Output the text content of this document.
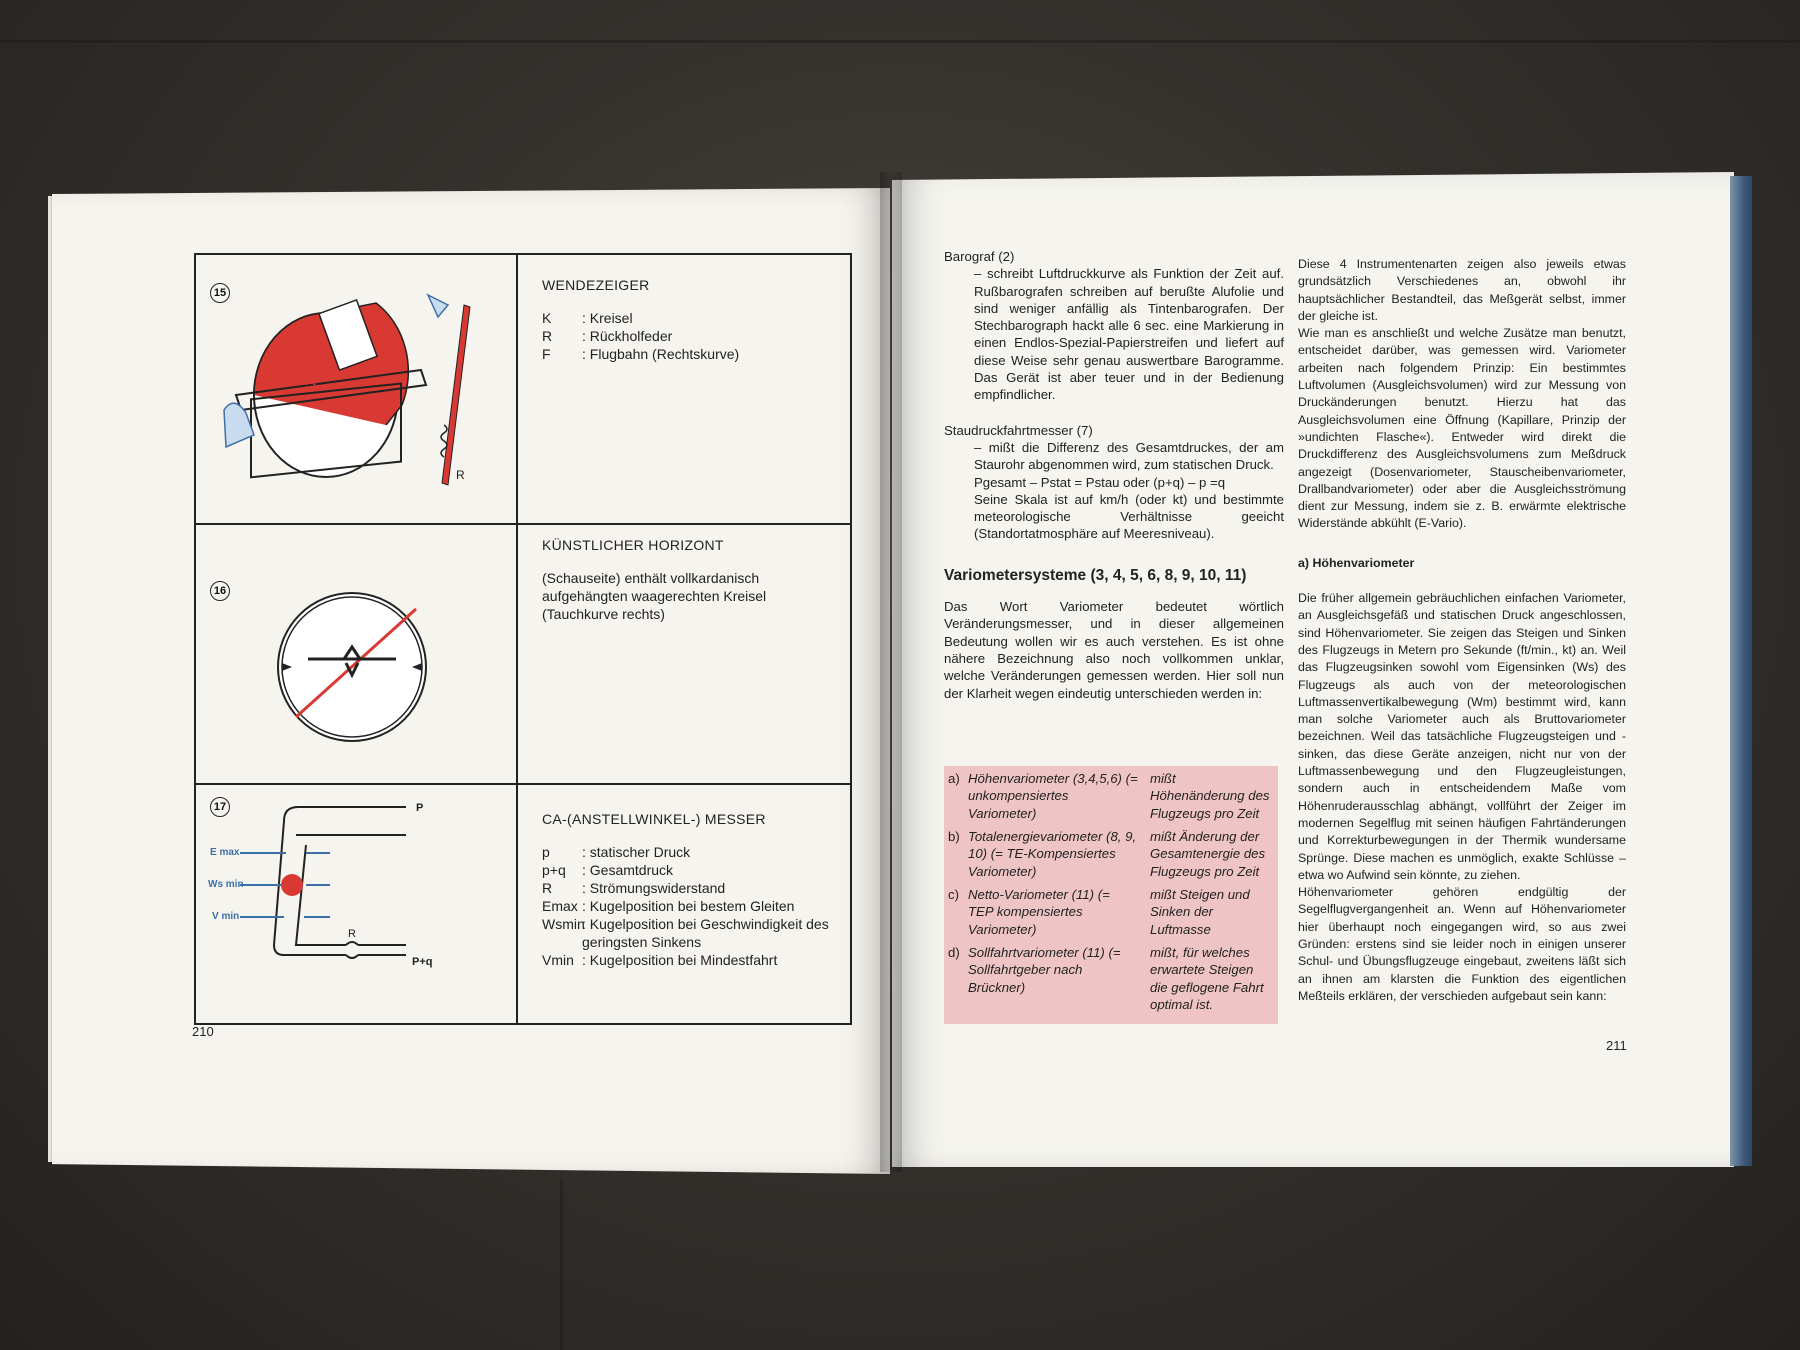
15
K
R
WENDEZEIGER
K : Kreisel
R : Rückholfeder
F : Flugbahn (Rechtskurve)
16
KÜNSTLICHER HORIZONT
(Schauseite) enthält vollkardanisch aufgehängten waagerechten Kreisel (Tauchkurve rechts)
17
E max
Ws min
V min
P
R
P+q
CA-(ANSTELLWINKEL-) MESSER
p : statischer Druck
p+q : Gesamtdruck
R : Strömungswiderstand
Emax : Kugelposition bei bestem Gleiten
Wsmin
: Kugelposition bei Geschwindigkeit des geringsten Sinkens
Vmin : Kugelposition bei Mindestfahrt
210

Barograf (2)

– schreibt Luftdruckkurve als Funktion der Zeit auf. Rußbarografen schreiben auf berußte Alufolie und sind weniger anfällig als Tintenbarografen. Der Stechbarograph hackt alle 6 sec. eine Markierung in einen Endlos-Spezial-Papierstreifen und liefert auf diese Weise sehr genau auswertbare Barogramme. Das Gerät ist aber teuer und in der Bedienung empfindlicher.

Staudruckfahrtmesser (7)

– mißt die Differenz des Gesamtdruckes, der am Staurohr abgenommen wird, zum statischen Druck.

Pgesamt – Pstat = Pstau oder (p+q) – p =q

Seine Skala ist auf km/h (oder kt) und bestimmte meteorologische Verhältnisse geeicht (Standortatmosphäre auf Meeresniveau).

Variometersysteme (3, 4, 5, 6, 8, 9, 10, 11)

Das Wort Variometer bedeutet wörtlich Veränderungsmesser, und in dieser allgemeinen Bedeutung wollen wir es auch verstehen. Es ist ohne nähere Bezeichnung also noch vollkommen unklar, welche Veränderungen gemessen werden. Hier soll nun der Klarheit wegen eindeutig unterschieden werden in:

a) Höhenvariometer (3,4,5,6) (= unkompensiertes Variometer)
mißt Höhenänderung des Flugzeugs pro Zeit
b) Totalenergievariometer (8, 9, 10) (= TE-Kompensiertes Variometer)
mißt Änderung der Gesamtenergie des Flugzeugs pro Zeit
c) Netto-Variometer (11) (= TEP kompensiertes Variometer)
mißt Steigen und Sinken der Luftmasse
d) Sollfahrtvariometer (11) (= Sollfahrtgeber nach Brückner)
mißt, für welches erwartete Steigen die geflogene Fahrt optimal ist.

Diese 4 Instrumentenarten zeigen also jeweils etwas grundsätzlich Verschiedenes an, obwohl ihr hauptsächlicher Bestandteil, das Meßgerät selbst, immer der gleiche ist.

Wie man es anschließt und welche Zusätze man benutzt, entscheidet darüber, was gemessen wird. Variometer arbeiten nach folgendem Prinzip: Ein bestimmtes Luftvolumen (Ausgleichsvolumen) wird zur Messung von Druckänderungen benutzt. Hierzu hat das Ausgleichsvolumen eine Öffnung (Kapillare, Prinzip der »undichten Flasche«). Entweder wird direkt die Druckdifferenz des Ausgleichsvolumens zum Meßdruck angezeigt (Dosenvariometer, Stauscheibenvariometer, Drallbandvariometer) oder aber die Ausgleichsströmung dient zur Messung, indem sie z. B. erwärmte elektrische Widerstände abkühlt (E-Vario).

a) Höhenvariometer

Die früher allgemein gebräuchlichen einfachen Variometer, an Ausgleichsgefäß und statischen Druck angeschlossen, sind Höhenvariometer. Sie zeigen das Steigen und Sinken des Flugzeugs in Metern pro Sekunde (ft/min., kt) an. Weil das Flugzeugsinken sowohl vom Eigensinken (Ws) des Flugzeugs als auch von der meteorologischen Luftmassenvertikalbewegung (Wm) bestimmt wird, kann man solche Variometer auch als Bruttovariometer bezeichnen. Weil das tatsächliche Flugzeugsteigen und -sinken, das diese Geräte anzeigen, nicht nur von der Luftmassenbewegung und den Flugzeugleistungen, sondern auch in entscheidendem Maße vom Höhenruderausschlag abhängt, vollführt der Zeiger im modernen Segelflug mit seinen häufigen Fahrtänderungen und Korrekturbewegungen in der Thermik wundersame Sprünge. Diese machen es unmöglich, exakte Schlüsse – etwa wo Aufwind sein könnte, zu ziehen.

Höhenvariometer gehören endgültig der Segelflugvergangenheit an. Wenn auf Höhenvariometer hier überhaupt noch eingegangen wird, so aus zwei Gründen: erstens sind sie leider noch in einigen unserer Schul- und Übungsflugzeuge eingebaut, zweitens läßt sich an ihnen am klarsten die Funktion des eigentlichen Meßteils erklären, der verschieden aufgebaut sein kann:

211
